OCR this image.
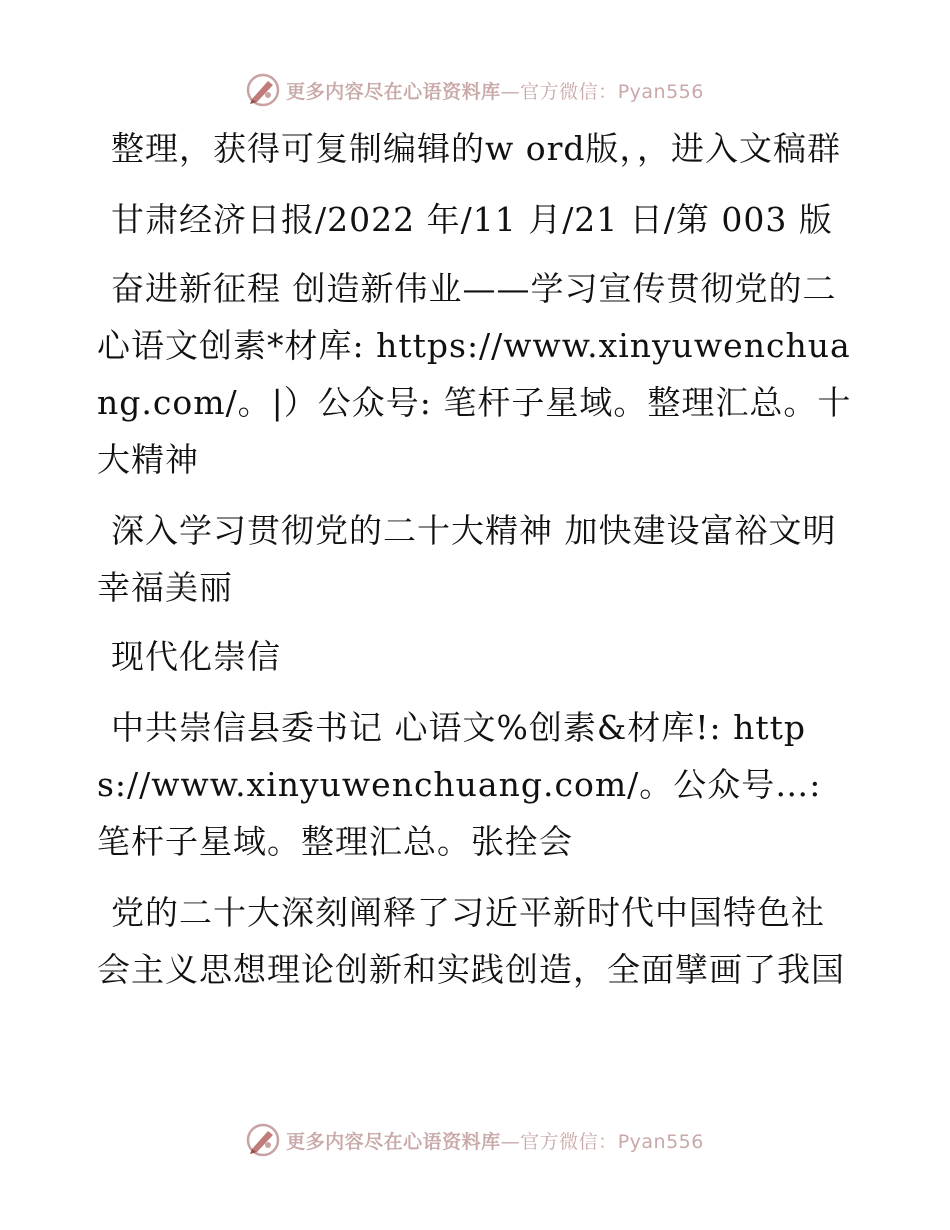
更多内容尽在心语资料库—官方微信：Pyan556

整理，获得可复制编辑的w ord版，，进入文稿群

甘肃经济日报/2022 年/11 月/21 日/第 003 版

奋进新征程 创造新伟业——学习宣传贯彻党的二心语文创素*材库: https://www.xinyuwenchuang.com/。|）公众号: 笔杆子星域。整理汇总。十大精神

深入学习贯彻党的二十大精神 加快建设富裕文明幸福美丽

现代化崇信

中共崇信县委书记 心语文%创素&材库!: https://www.xinyuwenchuang.com/。公众号…: 笔杆子星域。整理汇总。张拴会

党的二十大深刻阐释了习近平新时代中国特色社会主义思想理论创新和实践创造，全面擘画了我国

更多内容尽在心语资料库—官方微信：Pyan556
